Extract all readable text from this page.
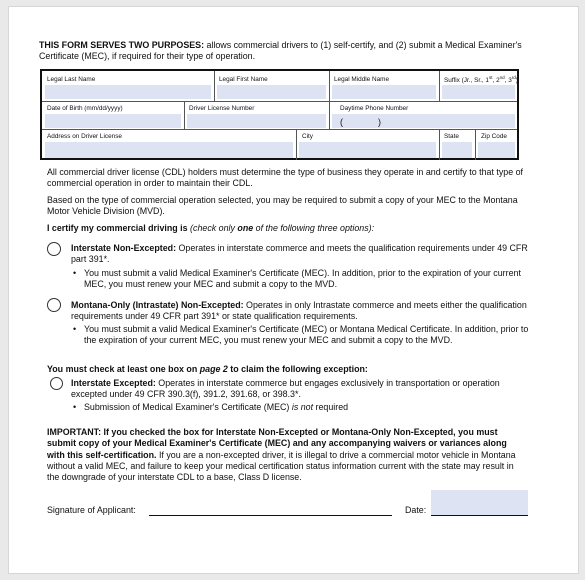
THIS FORM SERVES TWO PURPOSES: allows commercial drivers to (1) self-certify, and (2) submit a Medical Examiner's Certificate (MEC), if required for their type of operation.
Legal Last Name	Legal First Name	Legal Middle Name	Suffix (Jr., Sr., 1st, 2nd, 3rd)
Date of Birth (mm/dd/yyyy)	Driver License Number	Daytime Phone Number
(	)
Address on Driver License	City	State	Zip Code
All commercial driver license (CDL) holders must determine the type of business they operate in and certify to that type of commercial operation in order to maintain their CDL.
Based on the type of commercial operation selected, you may be required to submit a copy of your MEC to the Montana Motor Vehicle Division (MVD).
I certify my commercial driving is (check only one of the following three options):
Interstate Non-Excepted: Operates in interstate commerce and meets the qualification requirements under 49 CFR part 391*.
• You must submit a valid Medical Examiner's Certificate (MEC). In addition, prior to the expiration of your current MEC, you must renew your MEC and submit a copy to the MVD.
Montana-Only (Intrastate) Non-Excepted: Operates in only Intrastate commerce and meets either the qualification requirements under 49 CFR part 391* or state qualification requirements.
• You must submit a valid Medical Examiner's Certificate (MEC) or Montana Medical Certificate. In addition, prior to the expiration of your current MEC, you must renew your MEC and submit a copy to the MVD.
You must check at least one box on page 2 to claim the following exception:
Interstate Excepted: Operates in interstate commerce but engages exclusively in transportation or operation excepted under 49 CFR 390.3(f), 391.2, 391.68, or 398.3*.
• Submission of Medical Examiner's Certificate (MEC) is not required
IMPORTANT: If you checked the box for Interstate Non-Excepted or Montana-Only Non-Excepted, you must submit copy of your Medical Examiner's Certificate (MEC) and any accompanying waivers or variances along with this self-certification. If you are a non-excepted driver, it is illegal to drive a commercial motor vehicle in Montana without a valid MEC, and failure to keep your medical certification status information current with the state may result in the downgrade of your interstate CDL to a base, Class D license.
Signature of Applicant:	Date:
